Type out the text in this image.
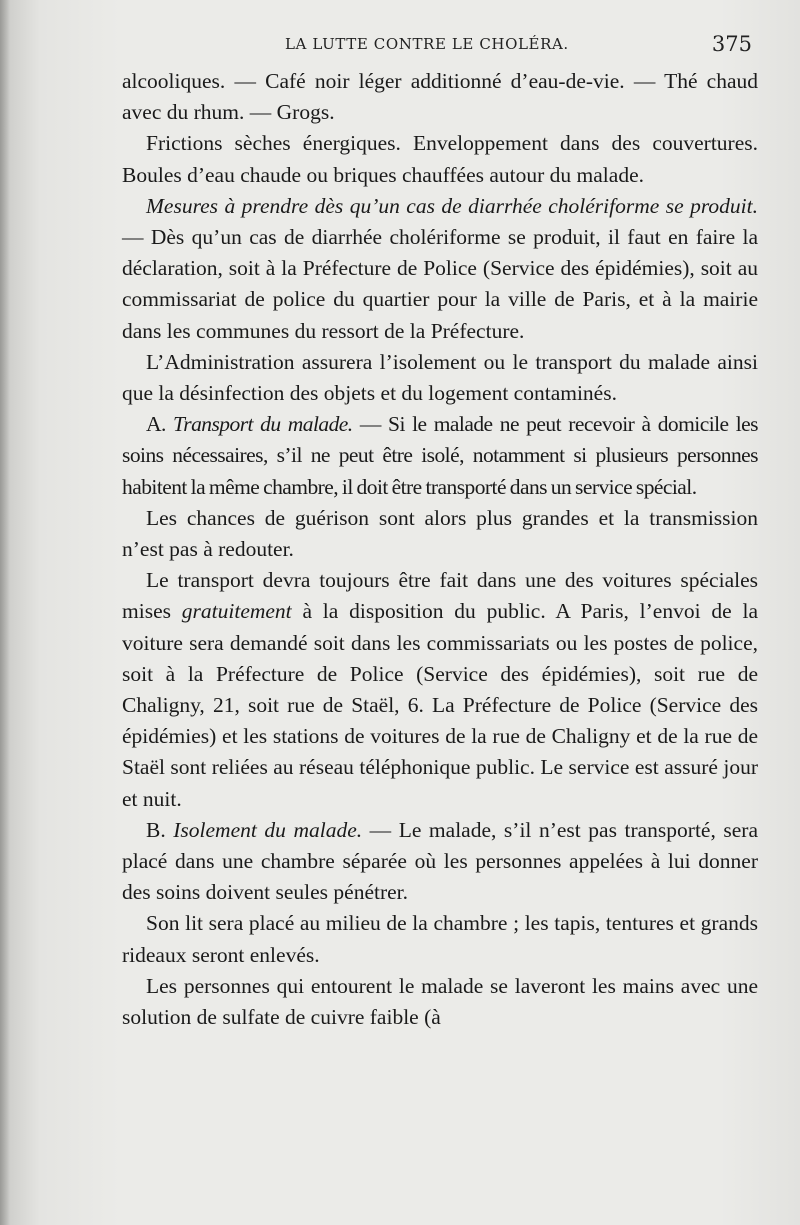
LA LUTTE CONTRE LE CHOLÉRA.	375

alcooliques. — Café noir léger additionné d’eau-de-vie. — Thé chaud avec du rhum. — Grogs.

Frictions sèches énergiques. Enveloppement dans des couvertures. Boules d’eau chaude ou briques chauffées autour du malade.

Mesures à prendre dès qu’un cas de diarrhée cholériforme se produit. — Dès qu’un cas de diarrhée cholériforme se produit, il faut en faire la déclaration, soit à la Préfecture de Police (Service des épidémies), soit au commissariat de police du quartier pour la ville de Paris, et à la mairie dans les communes du ressort de la Préfecture.

L’Administration assurera l’isolement ou le transport du malade ainsi que la désinfection des objets et du logement contaminés.

A. Transport du malade. — Si le malade ne peut recevoir à domicile les soins nécessaires, s’il ne peut être isolé, notamment si plusieurs personnes habitent la même chambre, il doit être transporté dans un service spécial.

Les chances de guérison sont alors plus grandes et la transmission n’est pas à redouter.

Le transport devra toujours être fait dans une des voitures spéciales mises gratuitement à la disposition du public. A Paris, l’envoi de la voiture sera demandé soit dans les commissariats ou les postes de police, soit à la Préfecture de Police (Service des épidémies), soit rue de Chaligny, 21, soit rue de Staël, 6. La Préfecture de Police (Service des épidémies) et les stations de voitures de la rue de Chaligny et de la rue de Staël sont reliées au réseau téléphonique public. Le service est assuré jour et nuit.

B. Isolement du malade. — Le malade, s’il n’est pas transporté, sera placé dans une chambre séparée où les personnes appelées à lui donner des soins doivent seules pénétrer.

Son lit sera placé au milieu de la chambre ; les tapis, tentures et grands rideaux seront enlevés.

Les personnes qui entourent le malade se laveront les mains avec une solution de sulfate de cuivre faible (à
